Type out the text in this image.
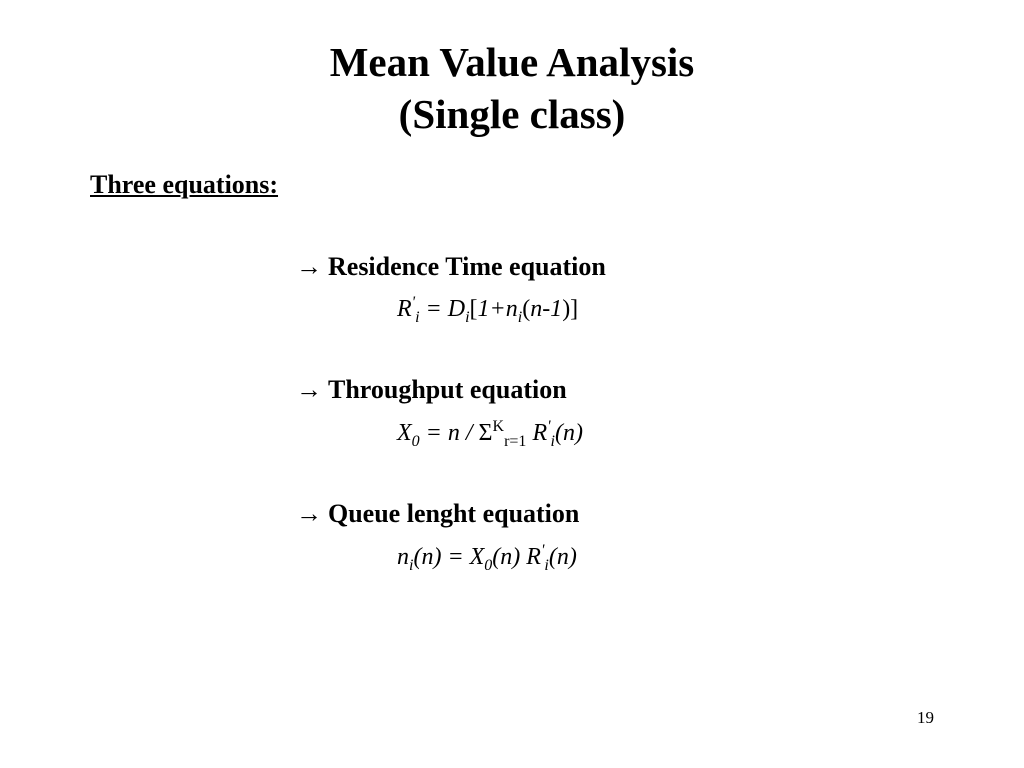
Mean Value Analysis
(Single class)
Three equations:
→ Residence Time equation
$R'_i = D_i[1+n_i(n-1)]$
→ Throughput equation
$X_0 = n / \Sigma^K_{r=1}$ $R'_i(n)$
→ Queue lenght equation
$n_i(n) = X_0(n)$ $R'_i(n)$
19
